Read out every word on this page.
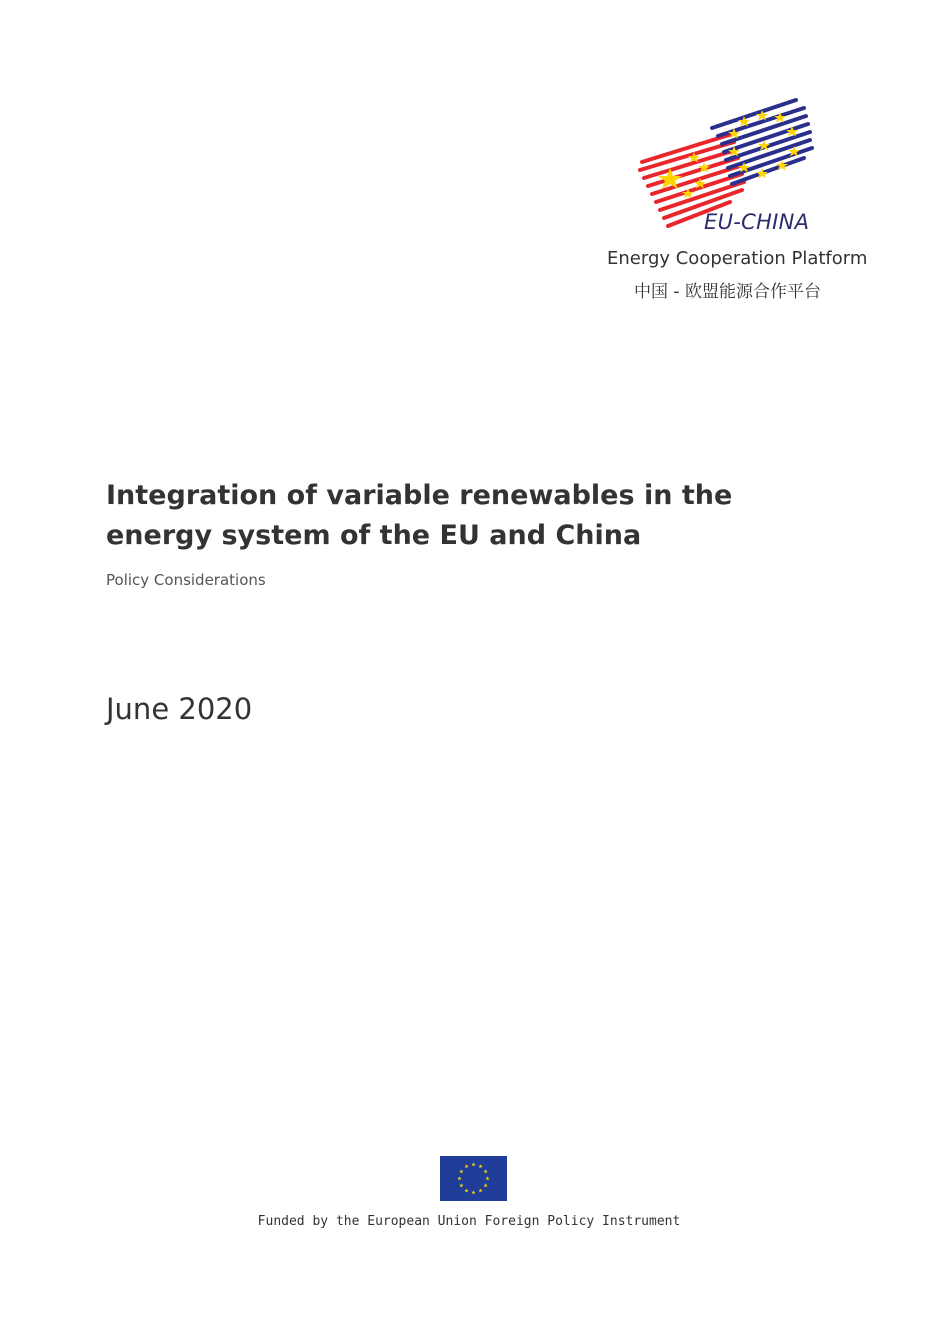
EU-CHINA
Energy Cooperation Platform
中国 - 欧盟能源合作平台
Integration of variable renewables in the energy system of the EU and China
Policy Considerations
June 2020
Funded by the European Union Foreign Policy Instrument
